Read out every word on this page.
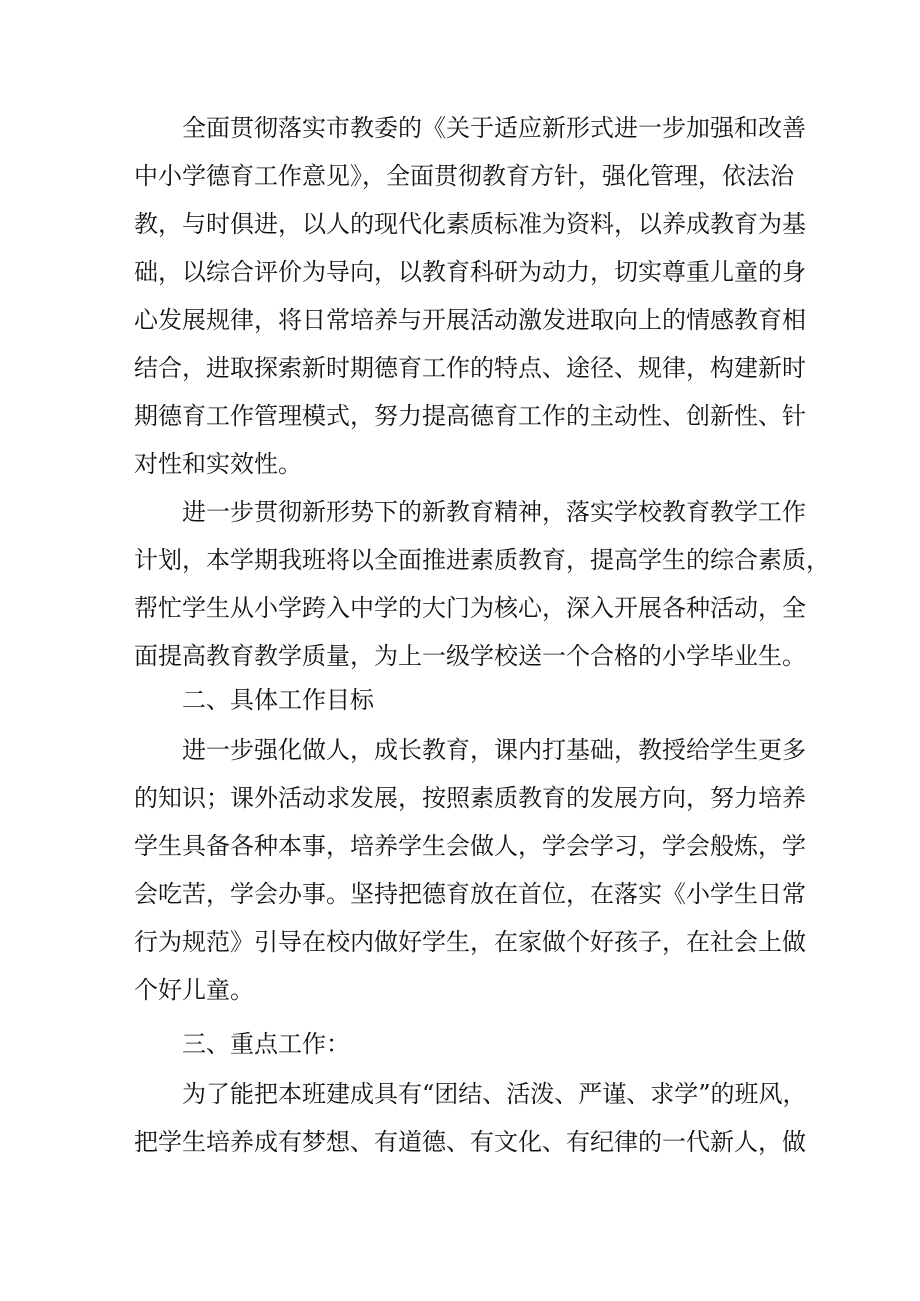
全面贯彻落实市教委的《关于适应新形式进一步加强和改善
中小学德育工作意见》，全面贯彻教育方针，强化管理，依法治
教，与时俱进，以人的现代化素质标准为资料，以养成教育为基
础，以综合评价为导向，以教育科研为动力，切实尊重儿童的身
心发展规律，将日常培养与开展活动激发进取向上的情感教育相
结合，进取探索新时期德育工作的特点、途径、规律，构建新时
期德育工作管理模式，努力提高德育工作的主动性、创新性、针
对性和实效性。
进一步贯彻新形势下的新教育精神，落实学校教育教学工作
计划，本学期我班将以全面推进素质教育，提高学生的综合素质，
帮忙学生从小学跨入中学的大门为核心，深入开展各种活动，全
面提高教育教学质量，为上一级学校送一个合格的小学毕业生。
二、具体工作目标
进一步强化做人，成长教育，课内打基础，教授给学生更多
的知识；课外活动求发展，按照素质教育的发展方向，努力培养
学生具备各种本事，培养学生会做人，学会学习，学会般炼，学
会吃苦，学会办事。坚持把德育放在首位，在落实《小学生日常
行为规范》引导在校内做好学生，在家做个好孩子，在社会上做
个好儿童。
三、重点工作：
为了能把本班建成具有“团结、活泼、严谨、求学”的班风，
把学生培养成有梦想、有道德、有文化、有纪律的一代新人，做
